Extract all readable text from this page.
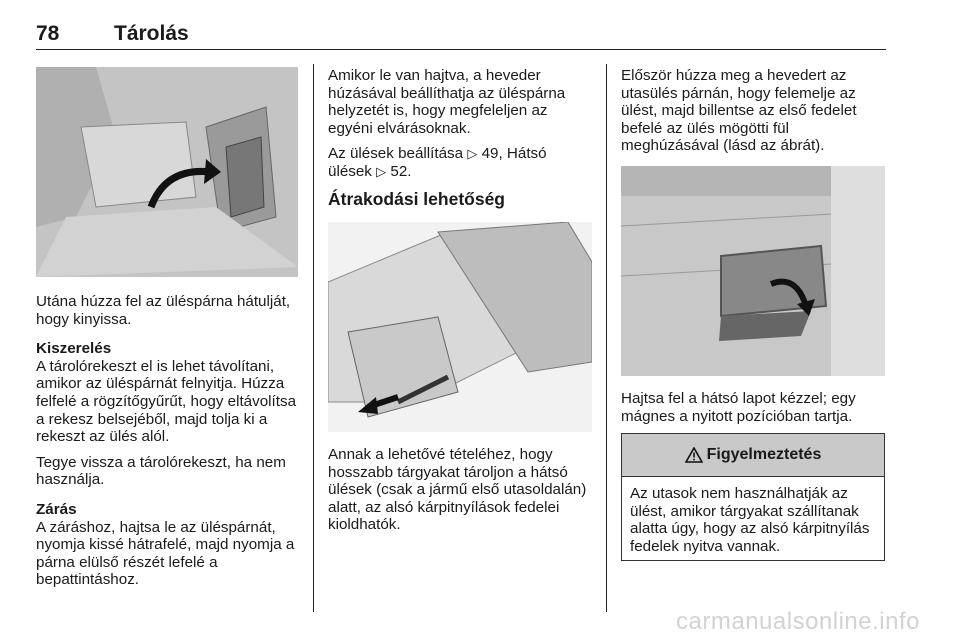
78	Tárolás

Utána húzza fel az üléspárna hátulját, hogy kinyissa.

Kiszerelés

A tárolórekeszt el is lehet távolítani, amikor az üléspárnát felnyitja. Húzza felfelé a rögzítőgyűrűt, hogy eltávolítsa a rekesz belsejéből, majd tolja ki a rekeszt az ülés alól.

Tegye vissza a tárolórekeszt, ha nem használja.

Zárás

A záráshoz, hajtsa le az üléspárnát, nyomja kissé hátrafelé, majd nyomja a párna elülső részét lefelé a bepattintáshoz.

Amikor le van hajtva, a heveder húzásával beállíthatja az üléspárna helyzetét is, hogy megfeleljen az egyéni elvárásoknak.

Az ülések beállítása ▷ 49, Hátsó
ülések ▷ 52.

Átrakodási lehetőség

Annak a lehetővé tételéhez, hogy hosszabb tárgyakat tároljon a hátsó ülések (csak a jármű első utasoldalán) alatt, az alsó kárpitnyílások fedelei kioldhatók.

Először húzza meg a hevedert az utasülés párnán, hogy felemelje az ülést, majd billentse az első fedelet befelé az ülés mögötti fül meghúzásával (lásd az ábrát).

Hajtsa fel a hátsó lapot kézzel; egy mágnes a nyitott pozícióban tartja.

Figyelmeztetés
Az utasok nem használhatják az ülést, amikor tárgyakat szállítanak alatta úgy, hogy az alsó kárpitnyílás fedelek nyitva vannak.
carmanualsonline.info
